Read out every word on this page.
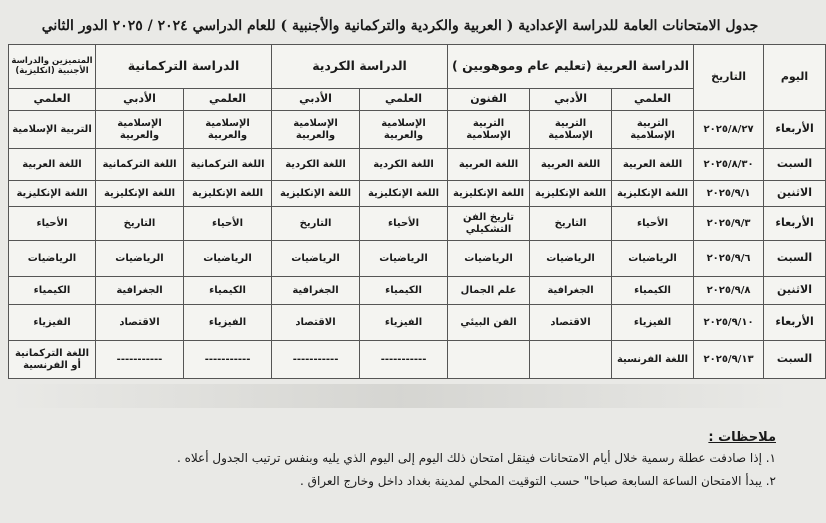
جدول الامتحانات العامة للدراسة الإعدادية ( العربية والكردية والتركمانية والأجنبية ) للعام الدراسي ٢٠٢٤ / ٢٠٢٥ الدور الثاني
اليوم	التاريخ	الدراسة العربية (تعليم عام وموهوبين )			الدراسة الكردية		الدراسة التركمانية		المتميزين والدراسة الأجنبية (انكليزية)
		العلمي	الأدبي	الفنون	العلمي	الأدبي	العلمي	الأدبي	العلمي
الأربعاء	٢٠٢٥/٨/٢٧	التربية الإسلامية	التربية الإسلامية	التربية الإسلامية	الإسلامية والعربية	الإسلامية والعربية	الإسلامية والعربية	الإسلامية والعربية	التربية الإسلامية
السبت	٢٠٢٥/٨/٣٠	اللغة العربية	اللغة العربية	اللغة العربية	اللغة الكردية	اللغة الكردية	اللغة التركمانية	اللغة التركمانية	اللغة العربية
الاثنين	٢٠٢٥/٩/١	اللغة الإنكليزية	اللغة الإنكليزية	اللغة الإنكليزية	اللغة الإنكليزية	اللغة الإنكليزية	اللغة الإنكليزية	اللغة الإنكليزية	اللغة الإنكليزية
الأربعاء	٢٠٢٥/٩/٣	الأحياء	التاريخ	تاريخ الفن التشكيلي	الأحياء	التاريخ	الأحياء	التاريخ	الأحياء
السبت	٢٠٢٥/٩/٦	الرياضيات	الرياضيات	الرياضيات	الرياضيات	الرياضيات	الرياضيات	الرياضيات	الرياضيات
الاثنين	٢٠٢٥/٩/٨	الكيمياء	الجغرافية	علم الجمال	الكيمياء	الجغرافية	الكيمياء	الجغرافية	الكيمياء
الأربعاء	٢٠٢٥/٩/١٠	الفيزياء	الاقتصاد	الفن البيئي	الفيزياء	الاقتصاد	الفيزياء	الاقتصاد	الفيزياء
السبت	٢٠٢٥/٩/١٣	اللغة الفرنسية			-----------	-----------	-----------	-----------	اللغة التركمانية أو الفرنسية
ملاحظات :
١. إذا صادفت عطلة رسمية خلال أيام الامتحانات فينقل امتحان ذلك اليوم إلى اليوم الذي يليه وبنفس ترتيب الجدول أعلاه .
٢. يبدأ الامتحان الساعة السابعة صباحا" حسب التوقيت المحلي لمدينة بغداد داخل وخارج العراق .
